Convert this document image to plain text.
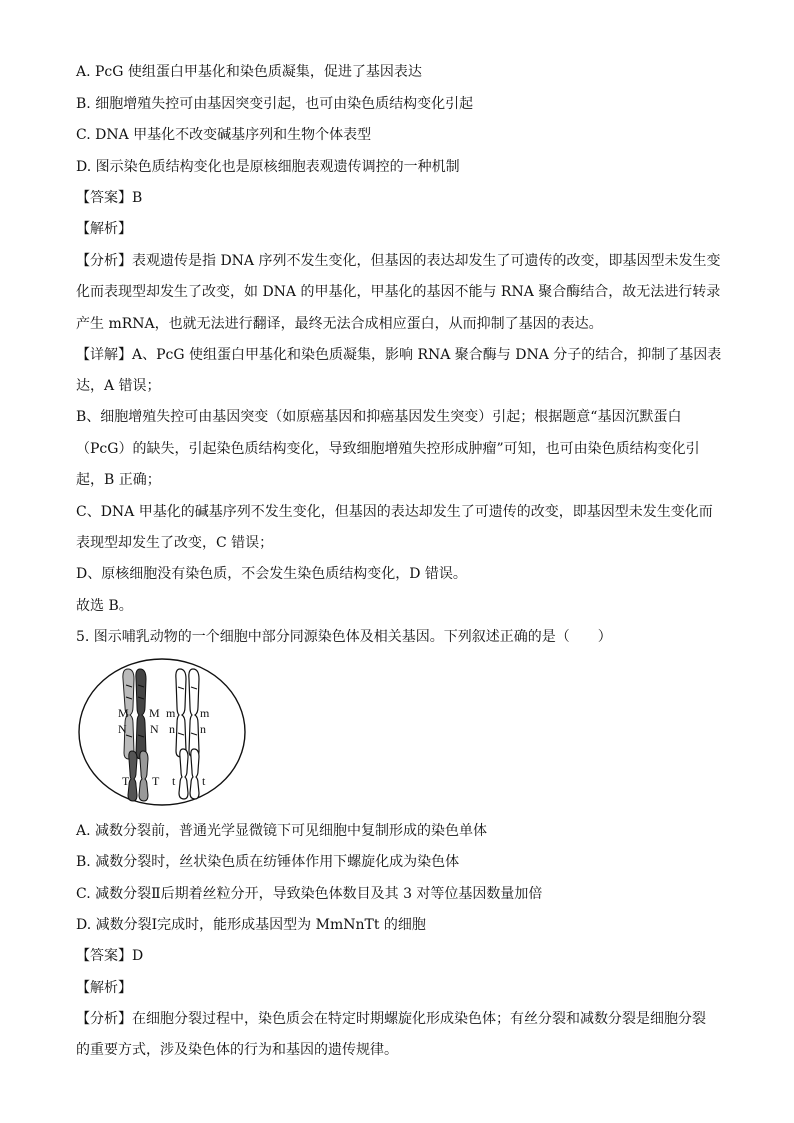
A. PcG 使组蛋白甲基化和染色质凝集，促进了基因表达
B. 细胞增殖失控可由基因突变引起，也可由染色质结构变化引起
C. DNA 甲基化不改变碱基序列和生物个体表型
D. 图示染色质结构变化也是原核细胞表观遗传调控的一种机制
【答案】B
【解析】
【分析】表观遗传是指 DNA 序列不发生变化，但基因的表达却发生了可遗传的改变，即基因型未发生变
化而表现型却发生了改变，如 DNA 的甲基化，甲基化的基因不能与 RNA 聚合酶结合，故无法进行转录
产生 mRNA，也就无法进行翻译，最终无法合成相应蛋白，从而抑制了基因的表达。
【详解】A、PcG 使组蛋白甲基化和染色质凝集，影响 RNA 聚合酶与 DNA 分子的结合，抑制了基因表
达，A 错误；
B、细胞增殖失控可由基因突变（如原癌基因和抑癌基因发生突变）引起；根据题意“基因沉默蛋白
（PcG）的缺失，引起染色质结构变化，导致细胞增殖失控形成肿瘤”可知，也可由染色质结构变化引
起，B 正确；
C、DNA 甲基化的碱基序列不发生变化，但基因的表达却发生了可遗传的改变，即基因型未发生变化而
表现型却发生了改变，C 错误；
D、原核细胞没有染色质，不会发生染色质结构变化，D 错误。
故选 B。
5. 图示哺乳动物的一个细胞中部分同源染色体及相关基因。下列叙述正确的是（　　）
M M m m
N N n n
T T t t
A. 减数分裂前，普通光学显微镜下可见细胞中复制形成的染色单体
B. 减数分裂时，丝状染色质在纺锤体作用下螺旋化成为染色体
C. 减数分裂Ⅱ后期着丝粒分开，导致染色体数目及其 3 对等位基因数量加倍
D. 减数分裂Ⅰ完成时，能形成基因型为 MmNnTt 的细胞
【答案】D
【解析】
【分析】在细胞分裂过程中，染色质会在特定时期螺旋化形成染色体；有丝分裂和减数分裂是细胞分裂
的重要方式，涉及染色体的行为和基因的遗传规律。
